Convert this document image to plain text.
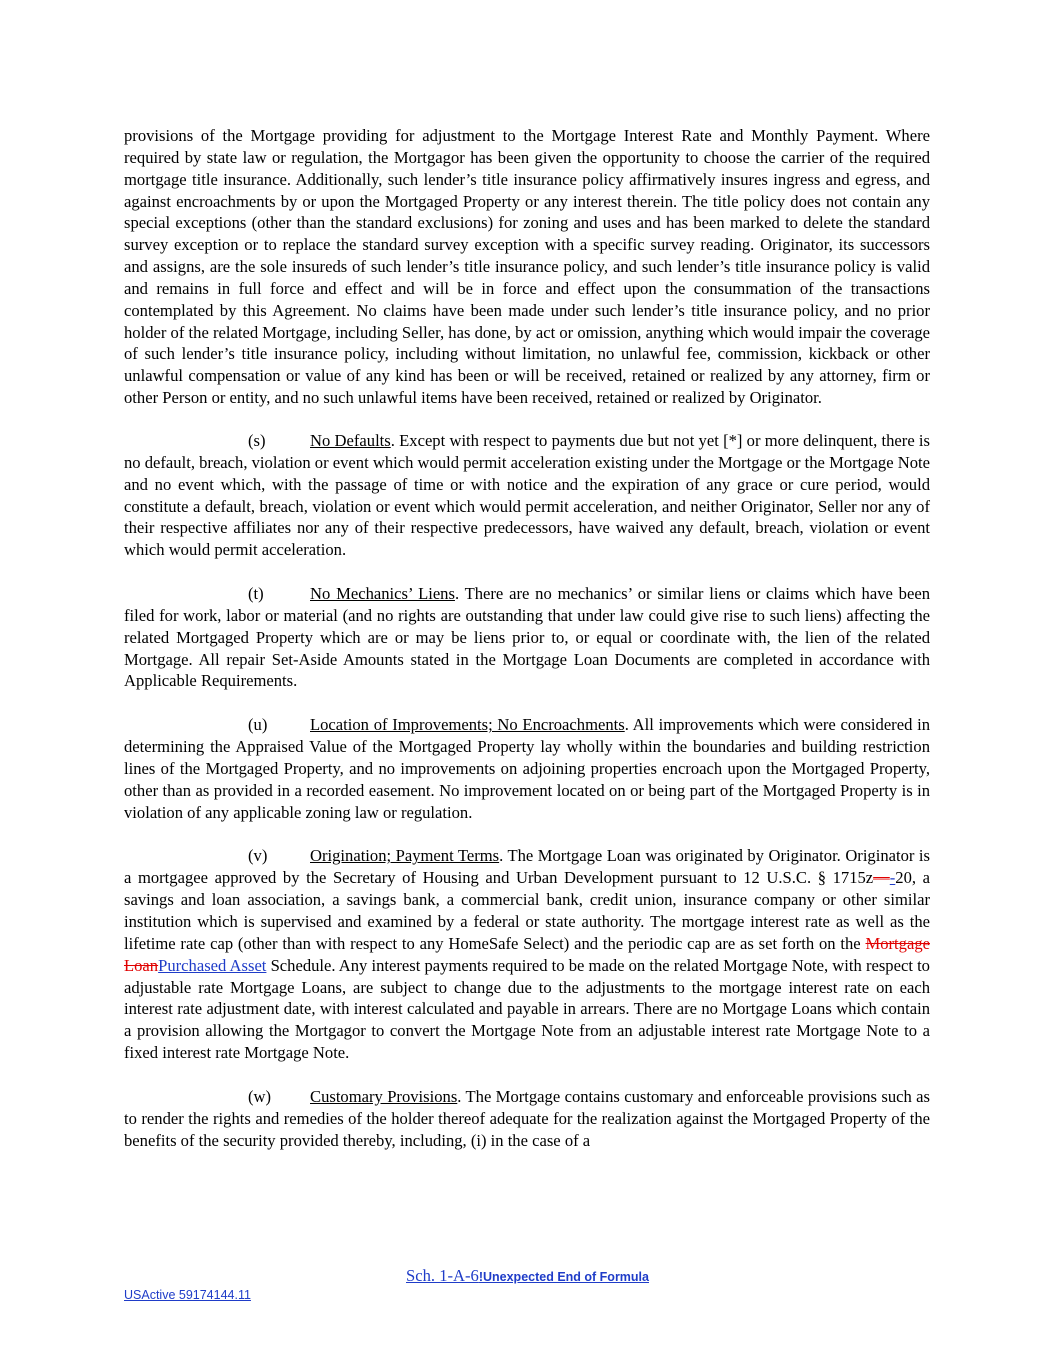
provisions of the Mortgage providing for adjustment to the Mortgage Interest Rate and Monthly Payment. Where required by state law or regulation, the Mortgagor has been given the opportunity to choose the carrier of the required mortgage title insurance. Additionally, such lender’s title insurance policy affirmatively insures ingress and egress, and against encroachments by or upon the Mortgaged Property or any interest therein. The title policy does not contain any special exceptions (other than the standard exclusions) for zoning and uses and has been marked to delete the standard survey exception or to replace the standard survey exception with a specific survey reading. Originator, its successors and assigns, are the sole insureds of such lender’s title insurance policy, and such lender’s title insurance policy is valid and remains in full force and effect and will be in force and effect upon the consummation of the transactions contemplated by this Agreement. No claims have been made under such lender’s title insurance policy, and no prior holder of the related Mortgage, including Seller, has done, by act or omission, anything which would impair the coverage of such lender’s title insurance policy, including without limitation, no unlawful fee, commission, kickback or other unlawful compensation or value of any kind has been or will be received, retained or realized by any attorney, firm or other Person or entity, and no such unlawful items have been received, retained or realized by Originator.

(s)	No Defaults. Except with respect to payments due but not yet [*] or more delinquent, there is no default, breach, violation or event which would permit acceleration existing under the Mortgage or the Mortgage Note and no event which, with the passage of time or with notice and the expiration of any grace or cure period, would constitute a default, breach, violation or event which would permit acceleration, and neither Originator, Seller nor any of their respective affiliates nor any of their respective predecessors, have waived any default, breach, violation or event which would permit acceleration.

(t)	No Mechanics’ Liens. There are no mechanics’ or similar liens or claims which have been filed for work, labor or material (and no rights are outstanding that under law could give rise to such liens) affecting the related Mortgaged Property which are or may be liens prior to, or equal or coordinate with, the lien of the related Mortgage. All repair Set-Aside Amounts stated in the Mortgage Loan Documents are completed in accordance with Applicable Requirements.

(u)	Location of Improvements; No Encroachments. All improvements which were considered in determining the Appraised Value of the Mortgaged Property lay wholly within the boundaries and building restriction lines of the Mortgaged Property, and no improvements on adjoining properties encroach upon the Mortgaged Property, other than as provided in a recorded easement. No improvement located on or being part of the Mortgaged Property is in violation of any applicable zoning law or regulation.

(v)	Origination; Payment Terms. The Mortgage Loan was originated by Originator. Originator is a mortgagee approved by the Secretary of Housing and Urban Development pursuant to 12 U.S.C. § 1715z—-20, a savings and loan association, a savings bank, a commercial bank, credit union, insurance company or other similar institution which is supervised and examined by a federal or state authority. The mortgage interest rate as well as the lifetime rate cap (other than with respect to any HomeSafe Select) and the periodic cap are as set forth on the Mortgage LoanPurchased Asset Schedule. Any interest payments required to be made on the related Mortgage Note, with respect to adjustable rate Mortgage Loans, are subject to change due to the adjustments to the mortgage interest rate on each interest rate adjustment date, with interest calculated and payable in arrears. There are no Mortgage Loans which contain a provision allowing the Mortgagor to convert the Mortgage Note from an adjustable interest rate Mortgage Note to a fixed interest rate Mortgage Note.

(w) Customary Provisions. The Mortgage contains customary and enforceable provisions such as to render the rights and remedies of the holder thereof adequate for the realization against the Mortgaged Property of the benefits of the security provided thereby, including, (i) in the case of a

Sch. 1-A-6!Unexpected End of Formula
USActive 59174144.11
